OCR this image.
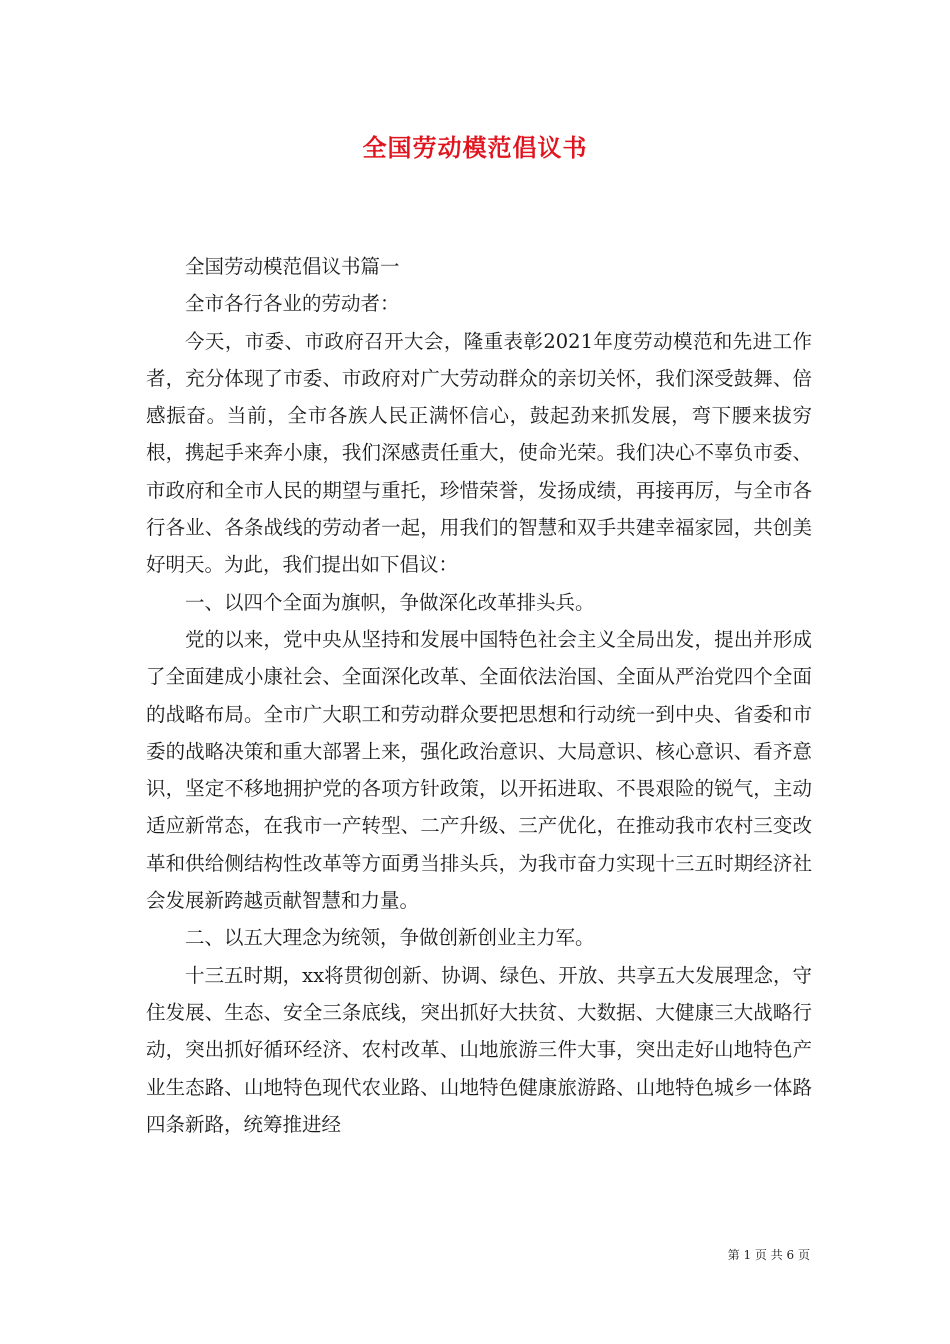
全国劳动模范倡议书

全国劳动模范倡议书篇一

全市各行各业的劳动者：

今天，市委、市政府召开大会，隆重表彰2021年度劳动模范和先进工作者，充分体现了市委、市政府对广大劳动群众的亲切关怀，我们深受鼓舞、倍感振奋。当前，全市各族人民正满怀信心，鼓起劲来抓发展，弯下腰来拔穷根，携起手来奔小康，我们深感责任重大，使命光荣。我们决心不辜负市委、市政府和全市人民的期望与重托，珍惜荣誉，发扬成绩，再接再厉，与全市各行各业、各条战线的劳动者一起，用我们的智慧和双手共建幸福家园，共创美好明天。为此，我们提出如下倡议：

一、以四个全面为旗帜，争做深化改革排头兵。

党的以来，党中央从坚持和发展中国特色社会主义全局出发，提出并形成了全面建成小康社会、全面深化改革、全面依法治国、全面从严治党四个全面的战略布局。全市广大职工和劳动群众要把思想和行动统一到中央、省委和市委的战略决策和重大部署上来，强化政治意识、大局意识、核心意识、看齐意识，坚定不移地拥护党的各项方针政策，以开拓进取、不畏艰险的锐气，主动适应新常态，在我市一产转型、二产升级、三产优化，在推动我市农村三变改革和供给侧结构性改革等方面勇当排头兵，为我市奋力实现十三五时期经济社会发展新跨越贡献智慧和力量。

二、以五大理念为统领，争做创新创业主力军。

十三五时期，xx将贯彻创新、协调、绿色、开放、共享五大发展理念，守住发展、生态、安全三条底线，突出抓好大扶贫、大数据、大健康三大战略行动，突出抓好循环经济、农村改革、山地旅游三件大事，突出走好山地特色产业生态路、山地特色现代农业路、山地特色健康旅游路、山地特色城乡一体路四条新路，统筹推进经

第 1 页 共 6 页
